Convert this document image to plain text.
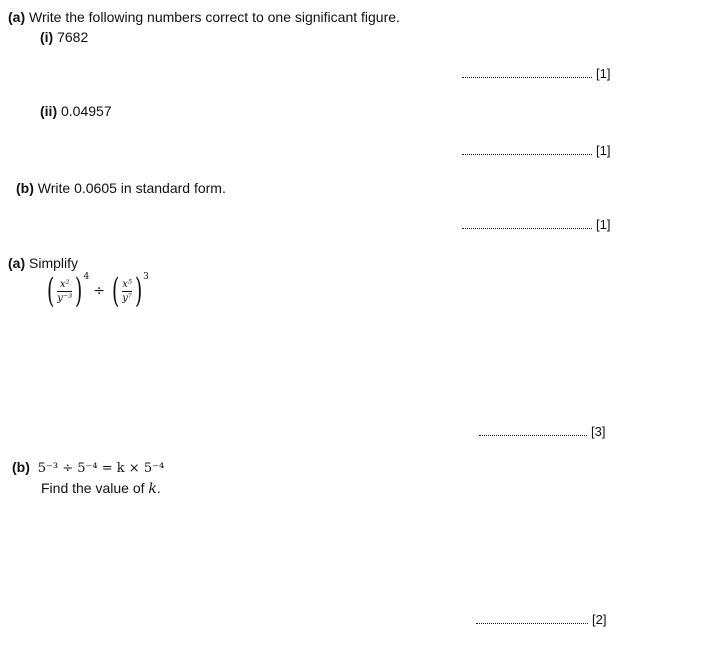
(a) Write the following numbers correct to one significant figure.
(i) 7682
[1]
(ii) 0.04957
[1]
(b) Write 0.0605 in standard form.
[1]
(a) Simplify
( $\frac{\text{x²}}{\text{y⁻³}}$ ) 4
÷ ( $\frac{\text{x⁵}}{\text{y⁷}}$ ) 3
[3]
(b) 5⁻³ ÷ 5⁻⁴ = k × 5⁻⁴
Find the value of k.
[2]
